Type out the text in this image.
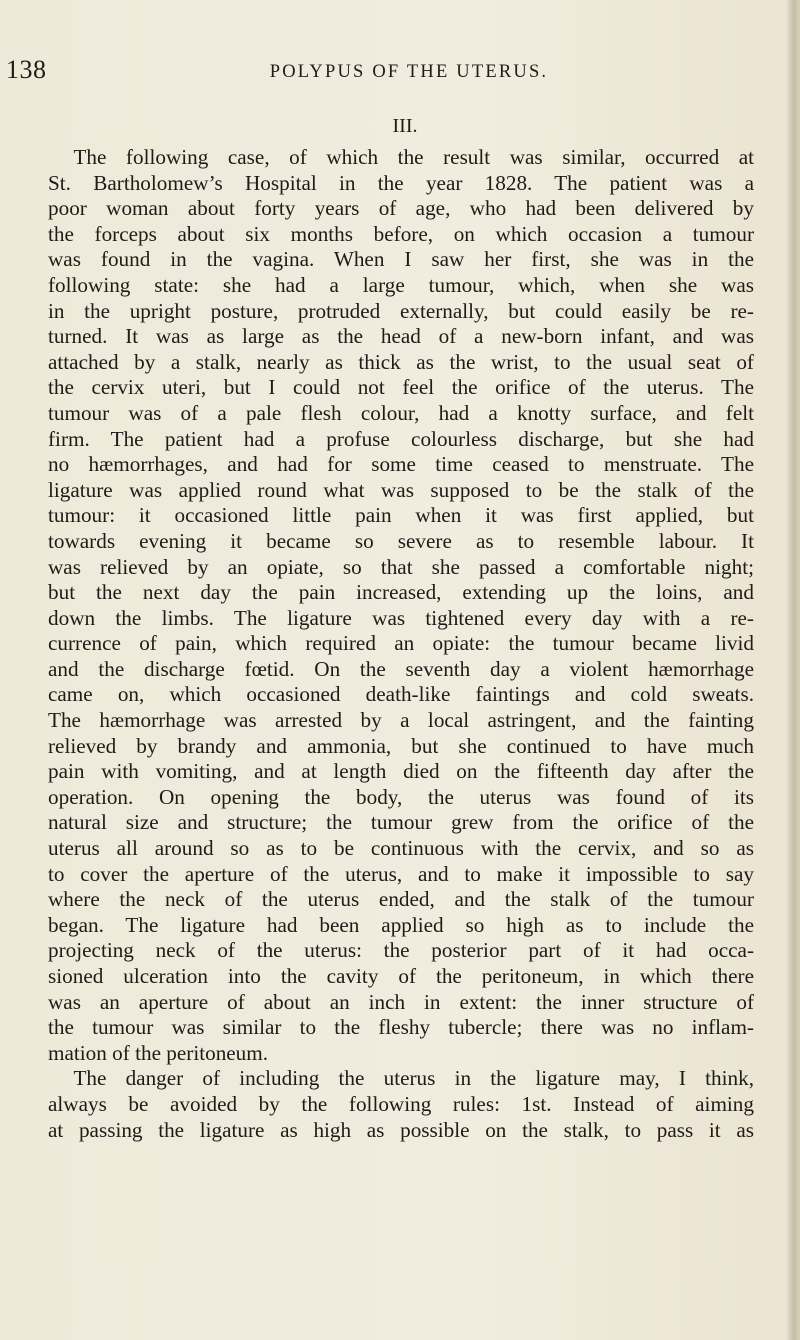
138	POLYPUS OF THE UTERUS.
III.
The following case, of which the result was similar, occurred at
St. Bartholomew’s Hospital in the year 1828. The patient was a
poor woman about forty years of age, who had been delivered by
the forceps about six months before, on which occasion a tumour
was found in the vagina. When I saw her first, she was in the
following state: she had a large tumour, which, when she was
in the upright posture, protruded externally, but could easily be re-
turned. It was as large as the head of a new-born infant, and was
attached by a stalk, nearly as thick as the wrist, to the usual seat of
the cervix uteri, but I could not feel the orifice of the uterus. The
tumour was of a pale flesh colour, had a knotty surface, and felt
firm. The patient had a profuse colourless discharge, but she had
no hæmorrhages, and had for some time ceased to menstruate. The
ligature was applied round what was supposed to be the stalk of the
tumour: it occasioned little pain when it was first applied, but
towards evening it became so severe as to resemble labour. It
was relieved by an opiate, so that she passed a comfortable night;
but the next day the pain increased, extending up the loins, and
down the limbs. The ligature was tightened every day with a re-
currence of pain, which required an opiate: the tumour became livid
and the discharge fœtid. On the seventh day a violent hæmorrhage
came on, which occasioned death-like faintings and cold sweats.
The hæmorrhage was arrested by a local astringent, and the fainting
relieved by brandy and ammonia, but she continued to have much
pain with vomiting, and at length died on the fifteenth day after the
operation. On opening the body, the uterus was found of its
natural size and structure; the tumour grew from the orifice of the
uterus all around so as to be continuous with the cervix, and so as
to cover the aperture of the uterus, and to make it impossible to say
where the neck of the uterus ended, and the stalk of the tumour
began. The ligature had been applied so high as to include the
projecting neck of the uterus: the posterior part of it had occa-
sioned ulceration into the cavity of the peritoneum, in which there
was an aperture of about an inch in extent: the inner structure of
the tumour was similar to the fleshy tubercle; there was no inflam-
mation of the peritoneum.
The danger of including the uterus in the ligature may, I think,
always be avoided by the following rules: 1st. Instead of aiming
at passing the ligature as high as possible on the stalk, to pass it as
